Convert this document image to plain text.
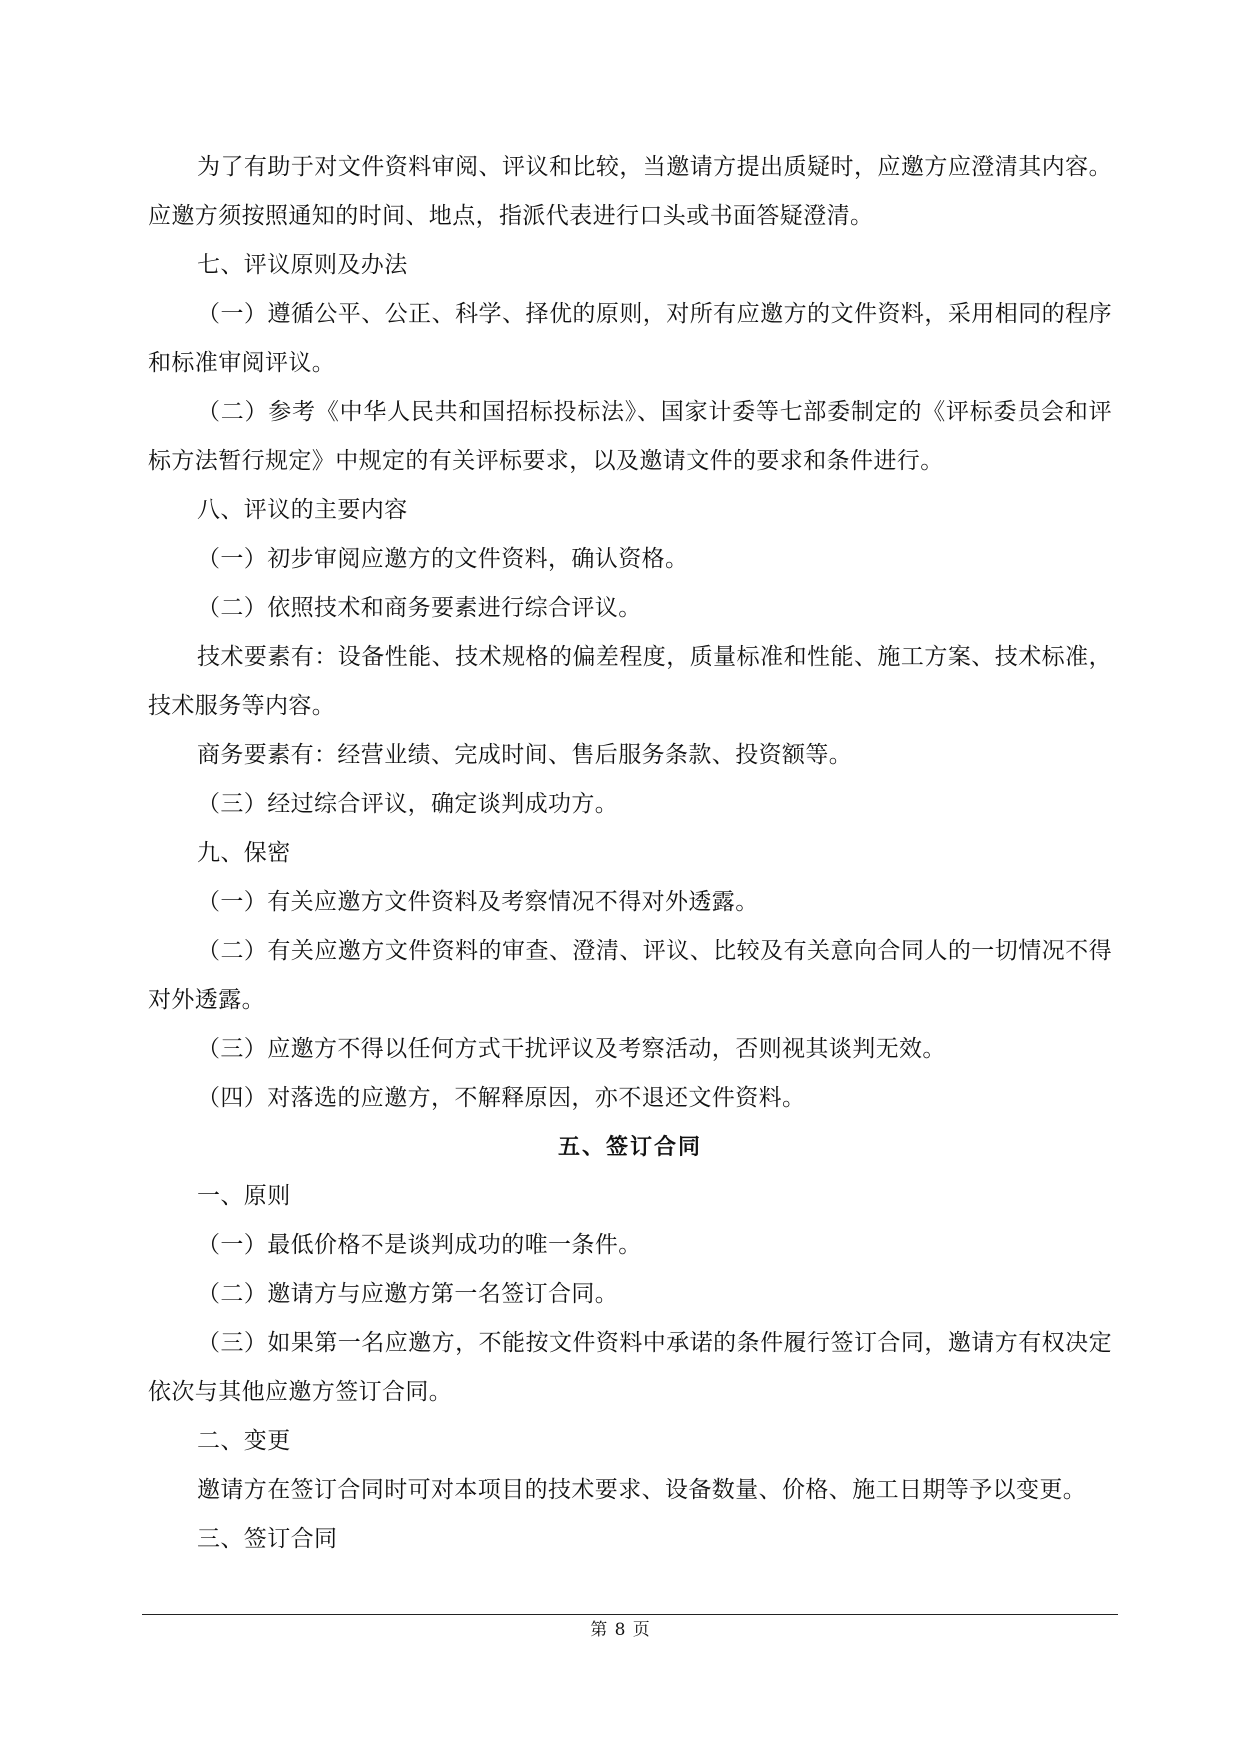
为了有助于对文件资料审阅、评议和比较，当邀请方提出质疑时，应邀方应澄清其内容。应邀方须按照通知的时间、地点，指派代表进行口头或书面答疑澄清。

七、评议原则及办法

（一）遵循公平、公正、科学、择优的原则，对所有应邀方的文件资料，采用相同的程序和标准审阅评议。

（二）参考《中华人民共和国招标投标法》、国家计委等七部委制定的《评标委员会和评标方法暂行规定》中规定的有关评标要求，以及邀请文件的要求和条件进行。

八、评议的主要内容

（一）初步审阅应邀方的文件资料，确认资格。

（二）依照技术和商务要素进行综合评议。

技术要素有：设备性能、技术规格的偏差程度，质量标准和性能、施工方案、技术标准，技术服务等内容。

商务要素有：经营业绩、完成时间、售后服务条款、投资额等。

（三）经过综合评议，确定谈判成功方。

九、保密

（一）有关应邀方文件资料及考察情况不得对外透露。

（二）有关应邀方文件资料的审查、澄清、评议、比较及有关意向合同人的一切情况不得对外透露。

（三）应邀方不得以任何方式干扰评议及考察活动，否则视其谈判无效。

（四）对落选的应邀方，不解释原因，亦不退还文件资料。

五、签订合同

一、原则

（一）最低价格不是谈判成功的唯一条件。

（二）邀请方与应邀方第一名签订合同。

（三）如果第一名应邀方，不能按文件资料中承诺的条件履行签订合同，邀请方有权决定依次与其他应邀方签订合同。

二、变更

邀请方在签订合同时可对本项目的技术要求、设备数量、价格、施工日期等予以变更。

三、签订合同

第 8 页
